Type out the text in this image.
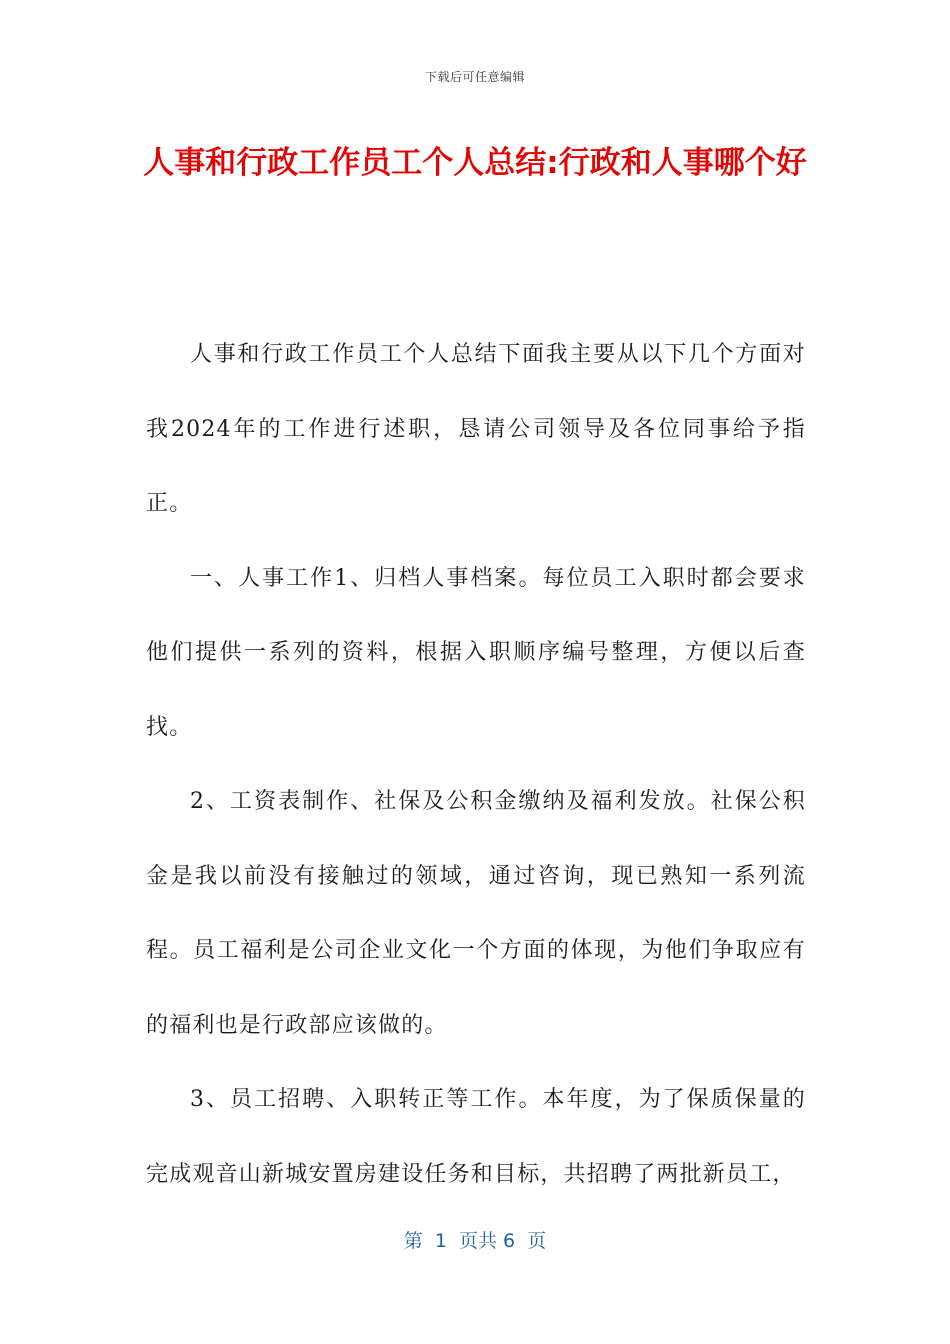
下载后可任意编辑
人事和行政工作员工个人总结:行政和人事哪个好

人事和行政工作员工个人总结下面我主要从以下几个方面对我2024年的工作进行述职，恳请公司领导及各位同事给予指正。

一、人事工作1、归档人事档案。每位员工入职时都会要求他们提供一系列的资料，根据入职顺序编号整理，方便以后查找。

2、工资表制作、社保及公积金缴纳及福利发放。社保公积金是我以前没有接触过的领域，通过咨询，现已熟知一系列流程。员工福利是公司企业文化一个方面的体现，为他们争取应有的福利也是行政部应该做的。

3、员工招聘、入职转正等工作。本年度，为了保质保量的完成观音山新城安置房建设任务和目标，共招聘了两批新员工，

第  1  页共 6  页
